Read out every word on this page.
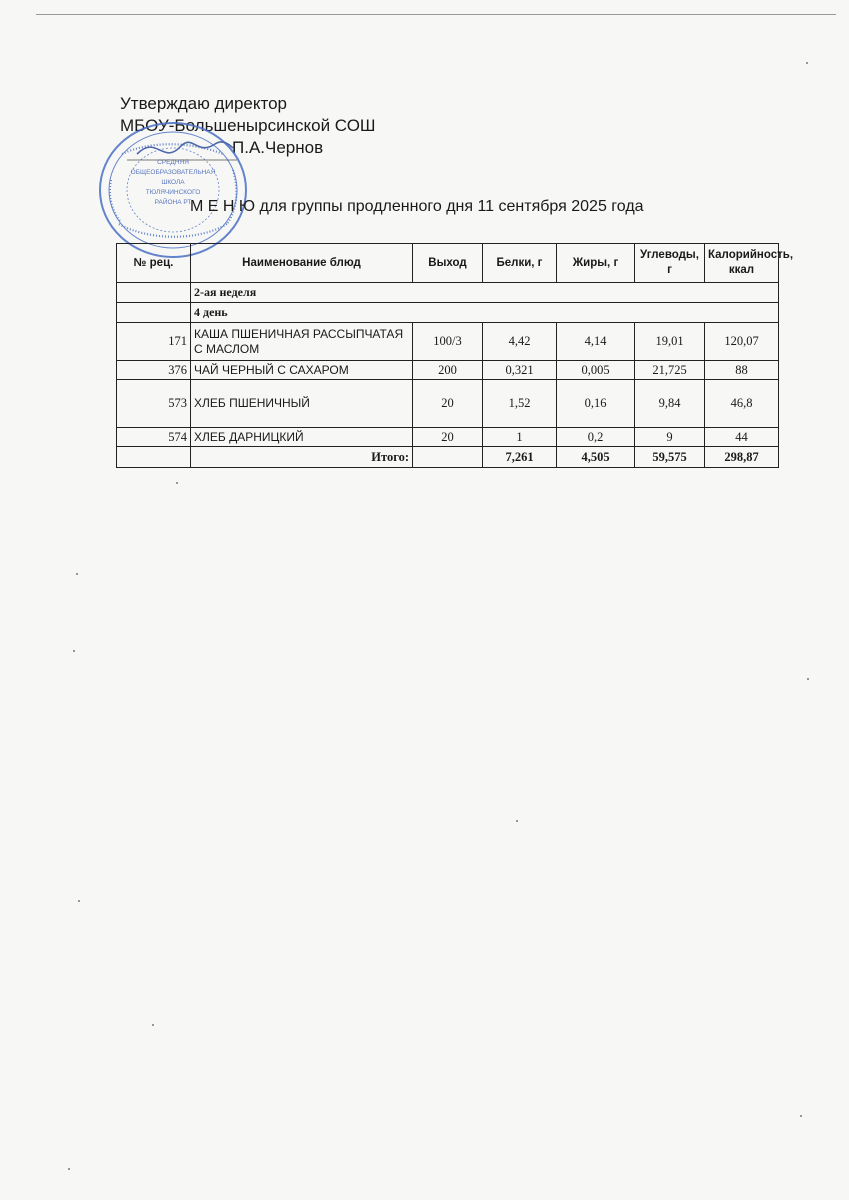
Утверждаю директор
МБОУ-Большенырсинской СОШ
П.А.Чернов
СРЕДНЯЯ
ОБЩЕОБРАЗОВАТЕЛЬНАЯ
ШКОЛА
ТЮЛЯЧИНСКОГО
РАЙОНА РТ
М Е Н Ю для группы продленного дня 11 сентября 2025 года
№ рец.	Наименование блюд	Выход	Белки, г	Жиры, г	Углеводы, г	Калорийность, ккал
	2-ая неделя					
	4 день					
171	КАША ПШЕНИЧНАЯ РАССЫПЧАТАЯ С МАСЛОМ	100/3	4,42	4,14	19,01	120,07
376	ЧАЙ ЧЕРНЫЙ С САХАРОМ	200	0,321	0,005	21,725	88
573	ХЛЕБ ПШЕНИЧНЫЙ	20	1,52	0,16	9,84	46,8
574	ХЛЕБ ДАРНИЦКИЙ	20	1	0,2	9	44
	Итого:		7,261	4,505	59,575	298,87
